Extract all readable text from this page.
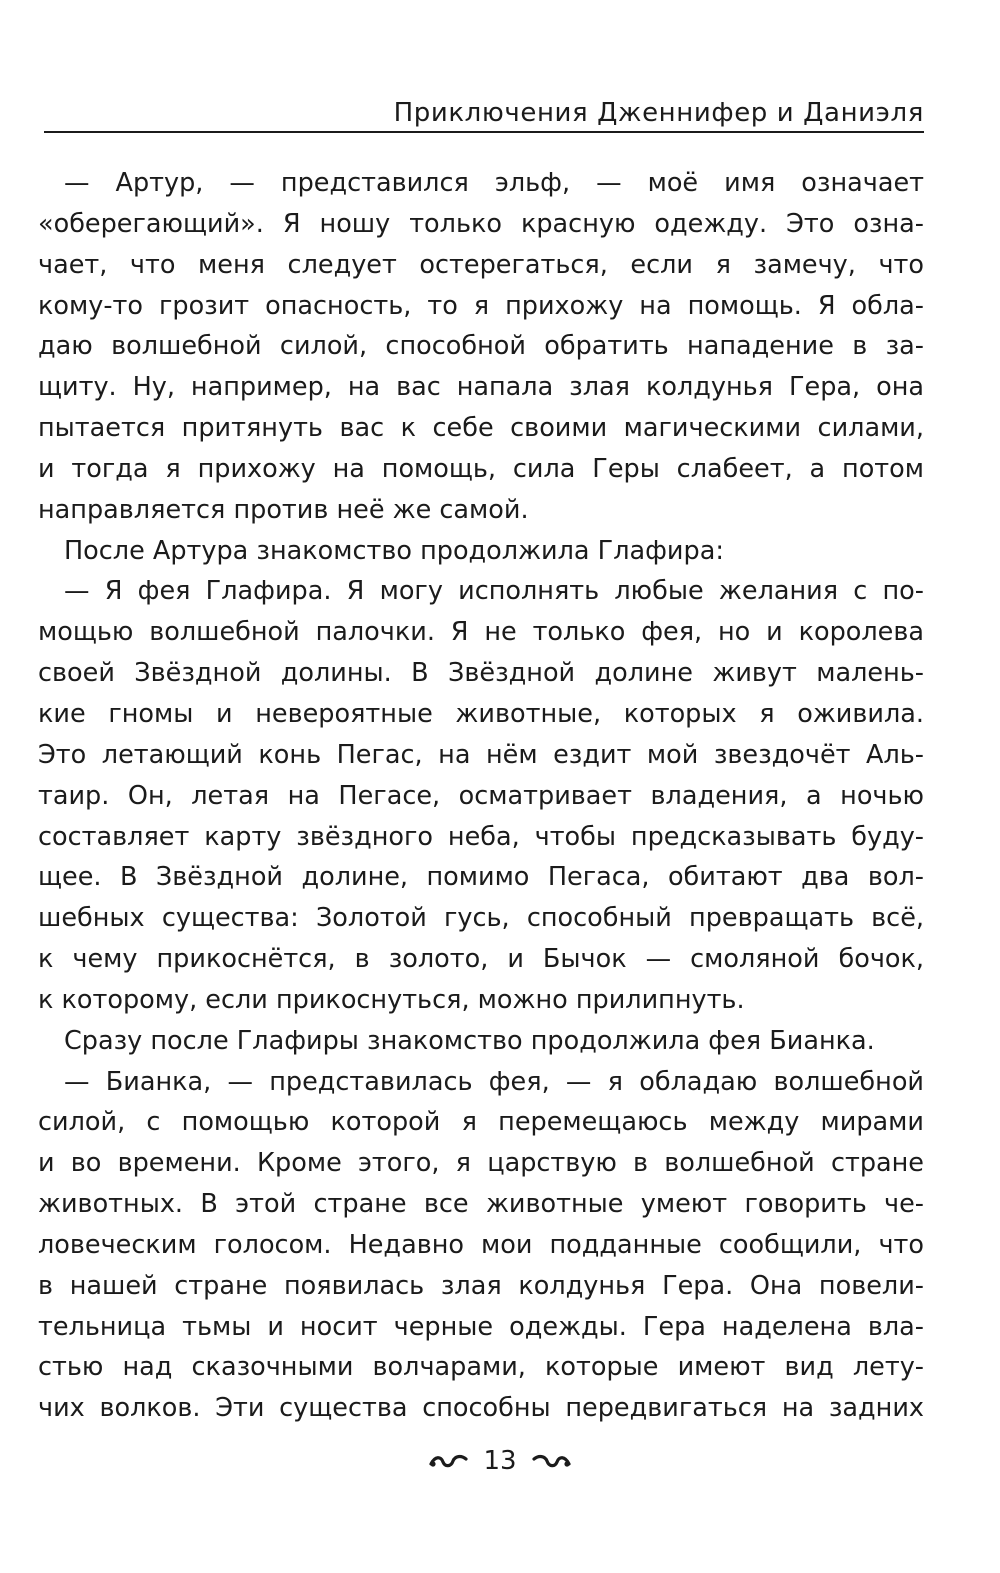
Приключения Дженнифер и Даниэля
— Артур, — представился эльф, — моё имя означает
«оберегающий». Я ношу только красную одежду. Это озна-
чает, что меня следует остерегаться, если я замечу, что
кому-то грозит опасность, то я прихожу на помощь. Я обла-
даю волшебной силой, способной обратить нападение в за-
щиту. Ну, например, на вас напала злая колдунья Гера, она
пытается притянуть вас к себе своими магическими силами,
и тогда я прихожу на помощь, сила Геры слабеет, а потом
направляется против неё же самой.
После Артура знакомство продолжила Глафира:
— Я фея Глафира. Я могу исполнять любые желания с по-
мощью волшебной палочки. Я не только фея, но и королева
своей Звёздной долины. В Звёздной долине живут малень-
кие гномы и невероятные животные, которых я оживила.
Это летающий конь Пегас, на нём ездит мой звездочёт Аль-
таир. Он, летая на Пегасе, осматривает владения, а ночью
составляет карту звёздного неба, чтобы предсказывать буду-
щее. В Звёздной долине, помимо Пегаса, обитают два вол-
шебных существа: Золотой гусь, способный превращать всё,
к чему прикоснётся, в золото, и Бычок — смоляной бочок,
к которому, если прикоснуться, можно прилипнуть.
Сразу после Глафиры знакомство продолжила фея Бианка.
— Бианка, — представилась фея, — я обладаю волшебной
силой, с помощью которой я перемещаюсь между мирами
и во времени. Кроме этого, я царствую в волшебной стране
животных. В этой стране все животные умеют говорить че-
ловеческим голосом. Недавно мои подданные сообщили, что
в нашей стране появилась злая колдунья Гера. Она повели-
тельница тьмы и носит черные одежды. Гера наделена вла-
стью над сказочными волчарами, которые имеют вид лету-
чих волков. Эти существа способны передвигаться на задних
13
